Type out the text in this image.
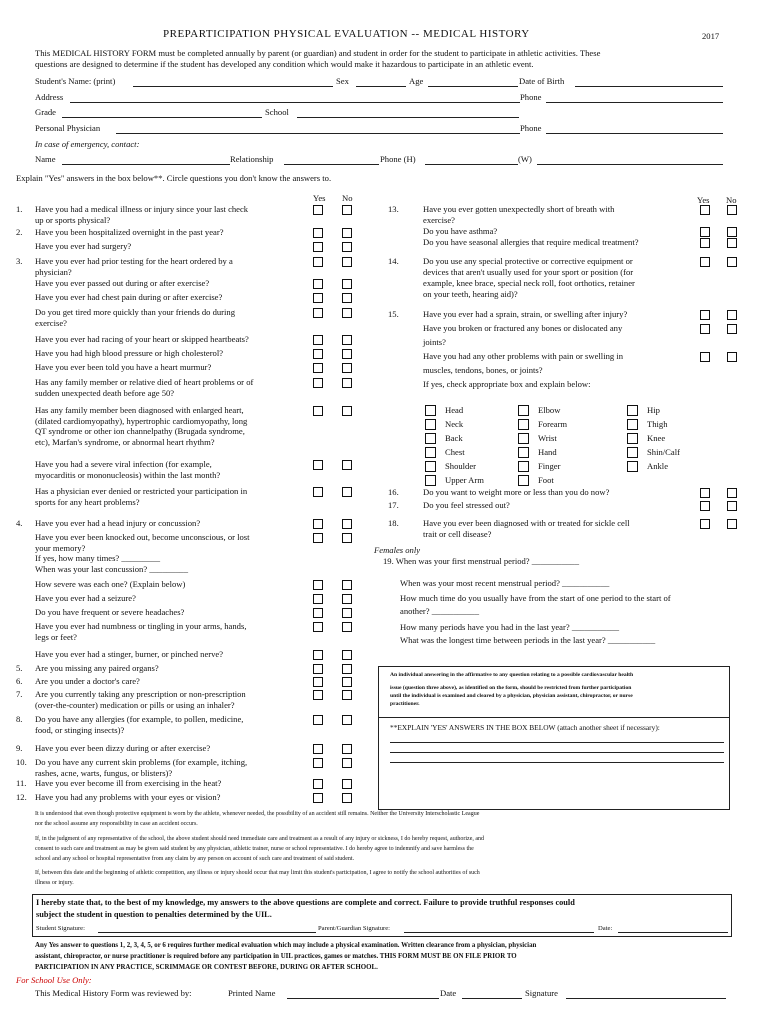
PREPARTICIPATION PHYSICAL EVALUATION -- MEDICAL HISTORY	2017
This MEDICAL HISTORY FORM must be completed annually by parent (or guardian) and student in order for the student to participate in athletic activities. These
questions are designed to determine if the student has developed any condition which would make it hazardous to participate in an athletic event.
Student's Name: (print)	Sex	Age	Date of Birth
Address	Phone
Grade	School
Personal Physician	Phone
In case of emergency, contact:
Name	Relationship	Phone (H)	(W)
Explain "Yes" answers in the box below**. Circle questions you don't know the answers to.
Yes No	Yes No
1. Have you had a medical illness or injury since your last check
up or sports physical?
2. Have you been hospitalized overnight in the past year?
Have you ever had surgery?
3. Have you ever had prior testing for the heart ordered by a
physician?
Have you ever passed out during or after exercise?
Have you ever had chest pain during or after exercise?
Do you get tired more quickly than your friends do during
exercise?
Have you ever had racing of your heart or skipped heartbeats?
Have you had high blood pressure or high cholesterol?
Have you ever been told you have a heart murmur?
Has any family member or relative died of heart problems or of
sudden unexpected death before age 50?
Has any family member been diagnosed with enlarged heart,
(dilated cardiomyopathy), hypertrophic cardiomyopathy, long
QT syndrome or other ion channelpathy (Brugada syndrome,
etc), Marfan's syndrome, or abnormal heart rhythm?
Have you had a severe viral infection (for example,
myocarditis or mononucleosis) within the last month?
Has a physician ever denied or restricted your participation in
sports for any heart problems?
4. Have you ever had a head injury or concussion?
Have you ever been knocked out, become unconscious, or lost
your memory?
If yes, how many times? _________
When was your last concussion? _________
How severe was each one? (Explain below)
Have you ever had a seizure?
Do you have frequent or severe headaches?
Have you ever had numbness or tingling in your arms, hands,
legs or feet?
Have you ever had a stinger, burner, or pinched nerve?
5. Are you missing any paired organs?
6. Are you under a doctor's care?
7. Are you currently taking any prescription or non-prescription
(over-the-counter) medication or pills or using an inhaler?
8. Do you have any allergies (for example, to pollen, medicine,
food, or stinging insects)?
9. Have you ever been dizzy during or after exercise?
10. Do you have any current skin problems (for example, itching,
rashes, acne, warts, fungus, or blisters)?
11. Have you ever become ill from exercising in the heat?
12. Have you had any problems with your eyes or vision?
13.	Have you ever gotten unexpectedly short of breath with
exercise?
Do you have asthma?
Do you have seasonal allergies that require medical treatment?
14.	Do you use any special protective or corrective equipment or
devices that aren't usually used for your sport or position (for
example, knee brace, special neck roll, foot orthotics, retainer
on your teeth, hearing aid)?
15.	Have you ever had a sprain, strain, or swelling after injury?
Have you broken or fractured any bones or dislocated any
joints?
Have you had any other problems with pain or swelling in
muscles, tendons, bones, or joints?
If yes, check appropriate box and explain below:
16.	Do you want to weight more or less than you do now?
17.	Do you feel stressed out?
18.	Have you ever been diagnosed with or treated for sickle cell
trait or cell disease?
Head	Elbow	Hip
Neck	Forearm	Thigh
Back	Wrist	Knee
Chest	Hand	Shin/Calf
Shoulder	Finger	Ankle
Upper Arm	Foot
Females only
19. When was your first menstrual period? ___________
When was your most recent menstrual period? ___________
How much time do you usually have from the start of one period to the start of
another? ___________
How many periods have you had in the last year? ___________
What was the longest time between periods in the last year? ___________
An individual answering in the affirmative to any question relating to a possible cardiovascular health
issue (question three above), as identified on the form, should be restricted from further participation
until the individual is examined and cleared by a physician, physician assistant, chiropractor, or nurse
practitioner.
**EXPLAIN 'YES' ANSWERS IN THE BOX BELOW (attach another sheet if necessary):
It is understood that even though protective equipment is worn by the athlete, whenever needed, the possibility of an accident still remains. Neither the University Interscholastic League
nor the school assume any responsibility in case an accident occurs.
If, in the judgment of any representative of the school, the above student should need immediate care and treatment as a result of any injury or sickness, I do hereby request, authorize, and
consent to such care and treatment as may be given said student by any physician, athletic trainer, nurse or school representative. I do hereby agree to indemnify and save harmless the
school and any school or hospital representative from any claim by any person on account of such care and treatment of said student.
If, between this date and the beginning of athletic competition, any illness or injury should occur that may limit this student's participation, I agree to notify the school authorities of such
illness or injury.
I hereby state that, to the best of my knowledge, my answers to the above questions are complete and correct. Failure to provide truthful responses could
subject the student in question to penalties determined by the UIL.
Student Signature:	Parent/Guardian Signature:	Date:
Any Yes answer to questions 1, 2, 3, 4, 5, or 6 requires further medical evaluation which may include a physical examination. Written clearance from a physician, physician
assistant, chiropractor, or nurse practitioner is required before any participation in UIL practices, games or matches. THIS FORM MUST BE ON FILE PRIOR TO
PARTICIPATION IN ANY PRACTICE, SCRIMMAGE OR CONTEST BEFORE, DURING OR AFTER SCHOOL.
For School Use Only:
This Medical History Form was reviewed by:	Printed Name	Date	Signature
